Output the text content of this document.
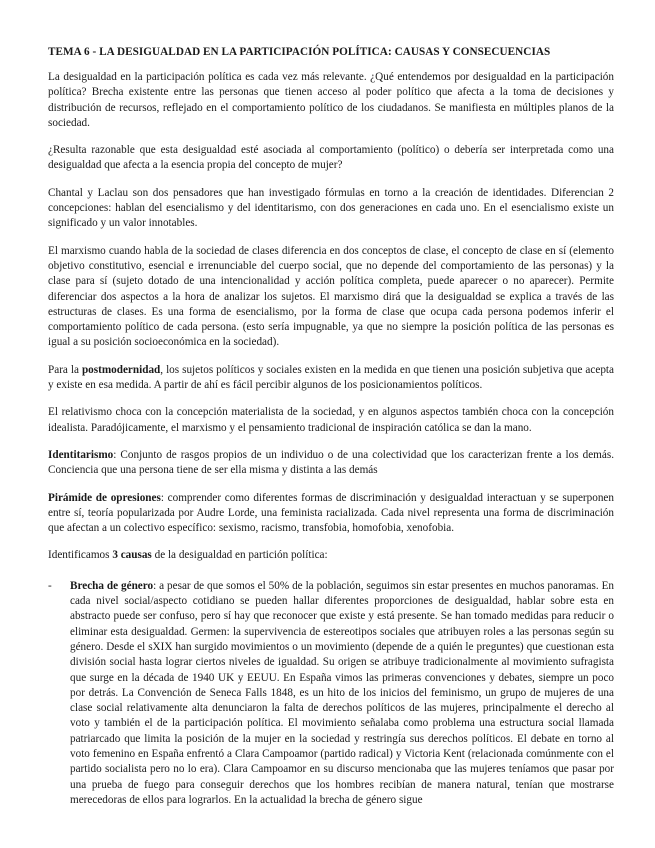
TEMA 6 - LA DESIGUALDAD EN LA PARTICIPACIÓN POLÍTICA: CAUSAS Y CONSECUENCIAS

La desigualdad en la participación política es cada vez más relevante. ¿Qué entendemos por desigualdad en la participación política? Brecha existente entre las personas que tienen acceso al poder político que afecta a la toma de decisiones y distribución de recursos, reflejado en el comportamiento político de los ciudadanos. Se manifiesta en múltiples planos de la sociedad.

¿Resulta razonable que esta desigualdad esté asociada al comportamiento (político) o debería ser interpretada como una desigualdad que afecta a la esencia propia del concepto de mujer?

Chantal y Laclau son dos pensadores que han investigado fórmulas en torno a la creación de identidades. Diferencian 2 concepciones: hablan del esencialismo y del identitarismo, con dos generaciones en cada uno. En el esencialismo existe un significado y un valor innotables.

El marxismo cuando habla de la sociedad de clases diferencia en dos conceptos de clase, el concepto de clase en sí (elemento objetivo constitutivo, esencial e irrenunciable del cuerpo social, que no depende del comportamiento de las personas) y la clase para sí (sujeto dotado de una intencionalidad y acción política completa, puede aparecer o no aparecer). Permite diferenciar dos aspectos a la hora de analizar los sujetos. El marxismo dirá que la desigualdad se explica a través de las estructuras de clases. Es una forma de esencialismo, por la forma de clase que ocupa cada persona podemos inferir el comportamiento político de cada persona. (esto sería impugnable, ya que no siempre la posición política de las personas es igual a su posición socioeconómica en la sociedad).

Para la postmodernidad, los sujetos políticos y sociales existen en la medida en que tienen una posición subjetiva que acepta y existe en esa medida. A partir de ahí es fácil percibir algunos de los posicionamientos políticos.

El relativismo choca con la concepción materialista de la sociedad, y en algunos aspectos también choca con la concepción idealista. Paradójicamente, el marxismo y el pensamiento tradicional de inspiración católica se dan la mano.

Identitarismo: Conjunto de rasgos propios de un individuo o de una colectividad que los caracterizan frente a los demás. Conciencia que una persona tiene de ser ella misma y distinta a las demás

Pirámide de opresiones: comprender como diferentes formas de discriminación y desigualdad interactuan y se superponen entre sí, teoría popularizada por Audre Lorde, una feminista racializada. Cada nivel representa una forma de discriminación que afectan a un colectivo específico: sexismo, racismo, transfobia, homofobia, xenofobia.

Identificamos 3 causas de la desigualdad en partición política:

- Brecha de género: a pesar de que somos el 50% de la población, seguimos sin estar presentes en muchos panoramas. En cada nivel social/aspecto cotidiano se pueden hallar diferentes proporciones de desigualdad, hablar sobre esta en abstracto puede ser confuso, pero sí hay que reconocer que existe y está presente. Se han tomado medidas para reducir o eliminar esta desigualdad. Germen: la supervivencia de estereotipos sociales que atribuyen roles a las personas según su género. Desde el sXIX han surgido movimientos o un movimiento (depende de a quién le preguntes) que cuestionan esta división social hasta lograr ciertos niveles de igualdad. Su origen se atribuye tradicionalmente al movimiento sufragista que surge en la década de 1940 UK y EEUU. En España vimos las primeras convenciones y debates, siempre un poco por detrás. La Convención de Seneca Falls 1848, es un hito de los inicios del feminismo, un grupo de mujeres de una clase social relativamente alta denunciaron la falta de derechos políticos de las mujeres, principalmente el derecho al voto y también el de la participación política. El movimiento señalaba como problema una estructura social llamada patriarcado que limita la posición de la mujer en la sociedad y restringía sus derechos políticos. El debate en torno al voto femenino en España enfrentó a Clara Campoamor (partido radical) y Victoria Kent (relacionada comúnmente con el partido socialista pero no lo era). Clara Campoamor en su discurso mencionaba que las mujeres teníamos que pasar por una prueba de fuego para conseguir derechos que los hombres recibían de manera natural, tenían que mostrarse merecedoras de ellos para lograrlos. En la actualidad la brecha de género sigue
